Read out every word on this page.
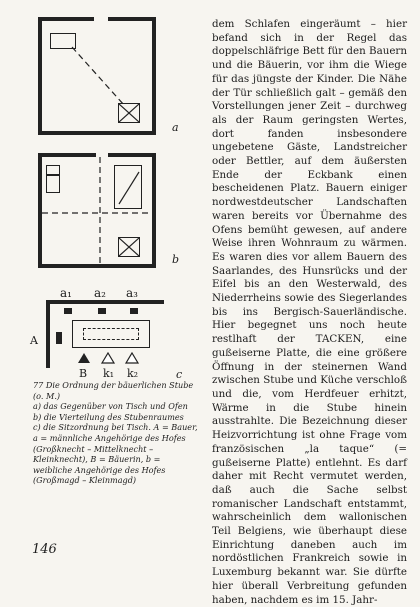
a
b
a₁ a₂ a₃
A
B k₁ k₂	c

77 Die Ordnung der bäuerlichen Stube (o. M.)

a) das Gegenüber von Tisch und Ofen

b) die Vierteilung des Stubenraumes

c) die Sitzordnung bei Tisch. A = Bauer, a = männliche Angehörige des Hofes (Großknecht – Mittelknecht – Kleinknecht), B = Bäuerin, b = weibliche Angehörige des Hofes (Großmagd – Kleinmagd)

146

dem Schlafen eingeräumt – hier befand sich in der Regel das doppelschläfrige Bett für den Bauern und die Bäuerin, vor ihm die Wiege für das jüngste der Kinder. Die Nähe der Tür schließlich galt – gemäß den Vorstellungen jener Zeit – durchweg als der Raum geringsten Wertes, dort fanden insbesondere ungebetene Gäste, Landstreicher oder Bettler, auf dem äußersten Ende der Eckbank einen bescheidenen Platz. Bauern einiger nordwestdeutscher Landschaften waren bereits vor Übernahme des Ofens bemüht gewesen, auf andere Weise ihren Wohnraum zu wärmen. Es waren dies vor allem Bauern des Saarlandes, des Hunsrücks und der Eifel bis an den Westerwald, des Niederrheins sowie des Siegerlandes bis ins Bergisch-Sauerländische. Hier begegnet uns noch heute restlhaft der TACKEN, eine gußeiserne Platte, die eine größere Öffnung in der steinernen Wand zwischen Stube und Küche verschloß und die, vom Herdfeuer erhitzt, Wärme in die Stube hinein ausstrahlte. Die Bezeichnung dieser Heizvorrichtung ist ohne Frage vom französischen „la taque“ (= gußeiserne Platte) entlehnt. Es darf daher mit Recht vermutet werden, daß auch die Sache selbst romanischer Landschaft entstammt, wahrscheinlich dem wallonischen Teil Belgiens, wie überhaupt diese Einrichtung daneben auch im nordöstlichen Frankreich sowie in Luxemburg bekannt war. Sie dürfte hier überall Verbreitung gefunden haben, nachdem es im 15. Jahr-
